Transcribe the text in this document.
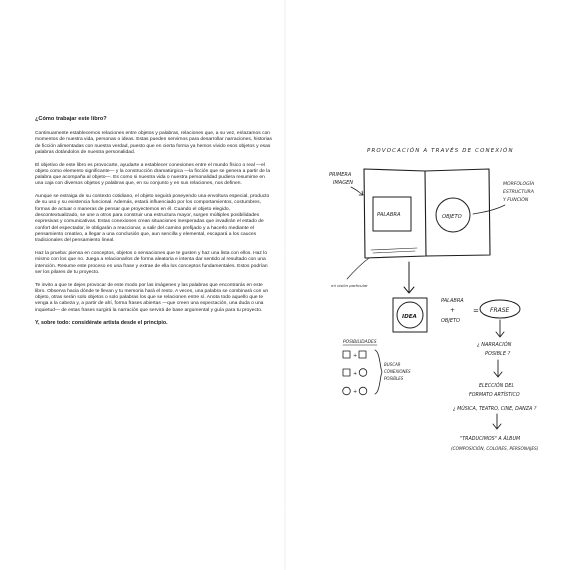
¿Cómo trabajar este libro?

Continuamente establecemos relaciones entre objetos y palabras, relaciones que, a su vez, enlazamos con momentos de nuestra vida, personas o ideas. Estas pueden servirnos para desarrollar narraciones, historias de ficción alimentadas con nuestra verdad, puesto que en cierta forma ya hemos vivido esos objetos y esas palabras dotándolos de nuestra personalidad.

El objetivo de este libro es provocarte, ayudarte a establecer conexiones entre el mundo físico o real —el objeto como elemento significante— y la construcción dramatúrgica —la ficción que se genera a partir de la palabra que acompaña al objeto—. Es como si nuestra vida o nuestra personalidad pudiera resumirse en una caja con diversos objetos y palabras que, en su conjunto y en sus relaciones, nos definen.

Aunque se extraiga de su contexto cotidiano, el objeto seguirá poseyendo una envoltura especial, producto de su uso y su existencia funcional. Además, estará influenciado por los comportamientos, costumbres, formas de actuar o maneras de pensar que proyectemos en él. Cuando el objeto elegido, descontextualizado, se une a otros para construir una estructura mayor, surgen múltiples posibilidades expresivas y comunicativas. Estas conexiones crean situaciones inesperadas que invadirán el estado de confort del espectador, le obligarán a reaccionar, a salir del camino prefijado y a hacerlo mediante el pensamiento creativo, a llegar a una conclusión que, aun sencilla y elemental, escapará a los cauces tradicionales del pensamiento lineal.

Haz la prueba: piensa en conceptos, objetos o sensaciones que te gusten y haz una lista con ellos. Haz lo mismo con los que no. Juega a relacionarlos de forma aleatoria e intenta dar sentido al resultado con una intención. Resume este proceso en una frase y extrae de ella los conceptos fundamentales. Estos podrían ser los pilares de tu proyecto.

Te invito a que te dejes provocar de este modo por las imágenes y las palabras que encontrarás en este libro. Observa hacia dónde te llevan y tu memoria hará el resto. A veces, una palabra se combinará con un objeto, otras serán solo objetos o solo palabras los que se relacionen entre sí. Anota todo aquello que te venga a la cabeza y, a partir de ahí, forma frases abiertas —que creen una expectación, una duda o una inquietud— de estas frases surgirá la narración que servirá de base argumental y guía para tu proyecto.

Y, sobre todo: considérate artista desde el principio.

PROVOCACIÓN A TRAVÉS DE CONEXIÓN
PRIMERA
IMAGEN
PALABRA	OBJETO
MORFOLOGÍA
ESTRUCTURA
Y FUNCIÓN
mi visión particular
IDEA
PALABRA
+
OBJETO
= FRASE
¿ NARRACIÓN
POSIBLE ?
POSIBILIDADES
+
+
+
BUSCAR
CONEXIONES
POSIBLES
ELECCIÓN DEL
FORMATO ARTÍSTICO
¿ MÚSICA, TEATRO, CINE, DANZA ?
"TRADUCIMOS" A ÁLBUM
(COMPOSICIÓN, COLORES, PERSONAJES)
